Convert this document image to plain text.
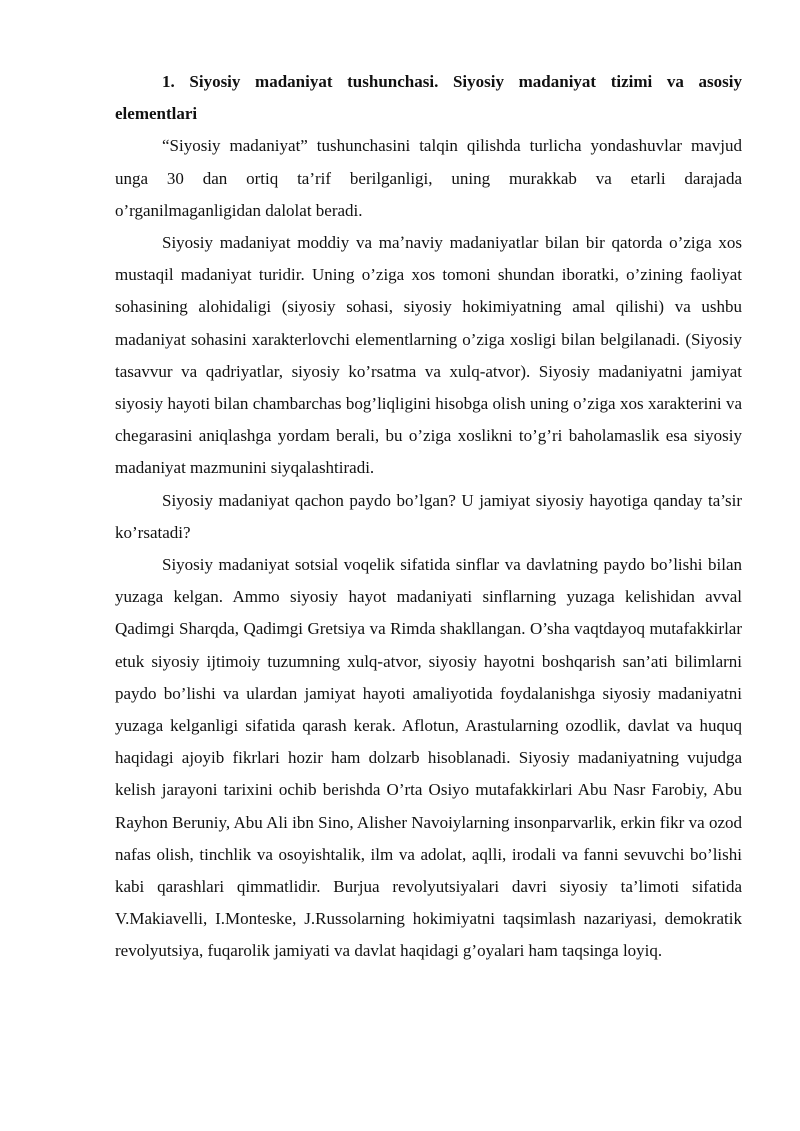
1. Siyosiy madaniyat tushunchasi. Siyosiy madaniyat tizimi va asosiy elementlari

“Siyosiy madaniyat” tushunchasini talqin qilishda turlicha yondashuvlar mavjud unga 30 dan ortiq ta’rif berilganligi, uning murakkab va etarli darajada o’rganilmaganligidan dalolat beradi.

Siyosiy madaniyat moddiy va maʼnaviy madaniyatlar bilan bir qatorda o’ziga xos mustaqil madaniyat turidir. Uning o’ziga xos tomoni shundan iboratki, o’zining faoliyat sohasining alohidaligi (siyosiy sohasi, siyosiy hokimiyatning amal qilishi) va ushbu madaniyat sohasini xarakterlovchi elementlarning o’ziga xosligi bilan belgilanadi. (Siyosiy tasavvur va qadriyatlar, siyosiy ko’rsatma va xulq-atvor). Siyosiy madaniyatni jamiyat siyosiy hayoti bilan chambarchas bog’liqligini hisobga olish uning o’ziga xos xarakterini va chegarasini aniqlashga yordam berali, bu o’ziga xoslikni to’g’ri baholamaslik esa siyosiy madaniyat mazmunini siyqalashtiradi.

Siyosiy madaniyat qachon paydo bo’lgan? U jamiyat siyosiy hayotiga qanday ta’sir ko’rsatadi?

Siyosiy madaniyat sotsial voqelik sifatida sinflar va davlatning paydo bo’lishi bilan yuzaga kelgan. Ammo siyosiy hayot madaniyati sinflarning yuzaga kelishidan avval Qadimgi Sharqda, Qadimgi Gretsiya va Rimda shakllangan. O’sha vaqtdayoq mutafakkirlar etuk siyosiy ijtimoiy tuzumning xulq-atvor, siyosiy hayotni boshqarish san’ati bilimlarni paydo bo’lishi va ulardan jamiyat hayoti amaliyotida foydalanishga siyosiy madaniyatni yuzaga kelganligi sifatida qarash kerak. Aflotun, Arastularning ozodlik, davlat va huquq haqidagi ajoyib fikrlari hozir ham dolzarb hisoblanadi. Siyosiy madaniyatning vujudga kelish jarayoni tarixini ochib berishda O’rta Osiyo mutafakkirlari Abu Nasr Farobiy, Abu Rayhon Beruniy, Abu Ali ibn Sino, Alisher Navoiylarning insonparvarlik, erkin fikr va ozod nafas olish, tinchlik va osoyishtalik, ilm va adolat, aqlli, irodali va fanni sevuvchi bo’lishi kabi qarashlari qimmatlidir. Burjua revolyutsiyalari davri siyosiy ta’limoti sifatida V.Makiavelli, I.Monteske, J.Russolarning hokimiyatni taqsimlash nazariyasi, demokratik revolyutsiya, fuqarolik jamiyati va davlat haqidagi g’oyalari ham taqsinga loyiq.
